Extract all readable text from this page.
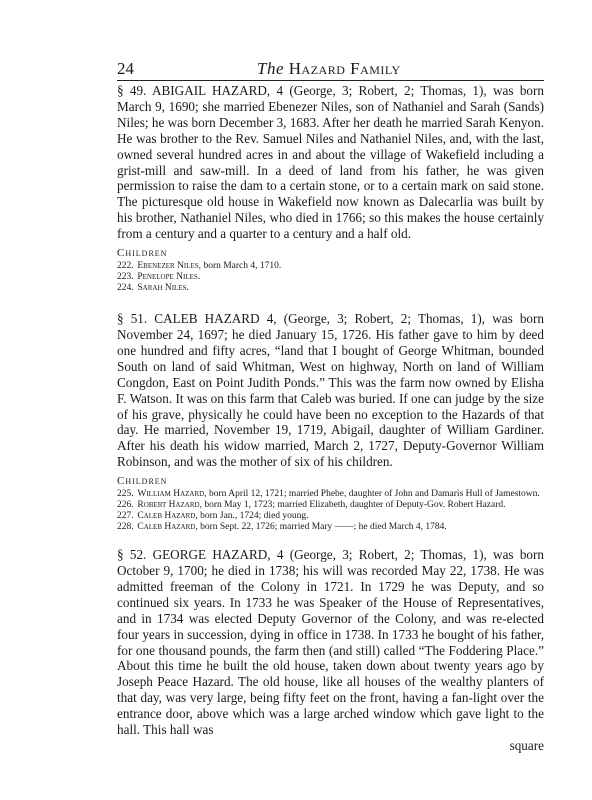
24	The Hazard Family

§ 49. ABIGAIL HAZARD, 4 (George, 3; Robert, 2; Thomas, 1), was born March 9, 1690; she married Ebenezer Niles, son of Nathaniel and Sarah (Sands) Niles; he was born December 3, 1683. After her death he married Sarah Kenyon. He was brother to the Rev. Samuel Niles and Nathaniel Niles, and, with the last, owned several hundred acres in and about the village of Wakefield including a grist-mill and saw-mill. In a deed of land from his father, he was given permission to raise the dam to a certain stone, or to a certain mark on said stone. The picturesque old house in Wakefield now known as Dalecarlia was built by his brother, Nathaniel Niles, who died in 1766; so this makes the house certainly from a century and a quarter to a century and a half old.

Children
222. Ebenezer Niles, born March 4, 1710.
223. Penelope Niles.
224. Sarah Niles.

§ 51. CALEB HAZARD 4, (George, 3; Robert, 2; Thomas, 1), was born November 24, 1697; he died January 15, 1726. His father gave to him by deed one hundred and fifty acres, “land that I bought of George Whitman, bounded South on land of said Whitman, West on highway, North on land of William Congdon, East on Point Judith Ponds.” This was the farm now owned by Elisha F. Watson. It was on this farm that Caleb was buried. If one can judge by the size of his grave, physically he could have been no exception to the Hazards of that day. He married, November 19, 1719, Abigail, daughter of William Gardiner. After his death his widow married, March 2, 1727, Deputy-Governor William Robinson, and was the mother of six of his children.

Children
225. William Hazard, born April 12, 1721; married Phebe, daughter of John and Damaris Hull of Jamestown.
226. Robert Hazard, born May 1, 1723; married Elizabeth, daughter of Deputy-Gov. Robert Hazard.
227. Caleb Hazard, born Jan., 1724; died young.
228. Caleb Hazard, born Sept. 22, 1726; married Mary ——; he died March 4, 1784.

§ 52. GEORGE HAZARD, 4 (George, 3; Robert, 2; Thomas, 1), was born October 9, 1700; he died in 1738; his will was recorded May 22, 1738. He was admitted freeman of the Colony in 1721. In 1729 he was Deputy, and so continued six years. In 1733 he was Speaker of the House of Representatives, and in 1734 was elected Deputy Governor of the Colony, and was re-elected four years in succession, dying in office in 1738. In 1733 he bought of his father, for one thousand pounds, the farm then (and still) called “The Foddering Place.” About this time he built the old house, taken down about twenty years ago by Joseph Peace Hazard. The old house, like all houses of the wealthy planters of that day, was very large, being fifty feet on the front, having a fan-light over the entrance door, above which was a large arched window which gave light to the hall. This hall was

square
